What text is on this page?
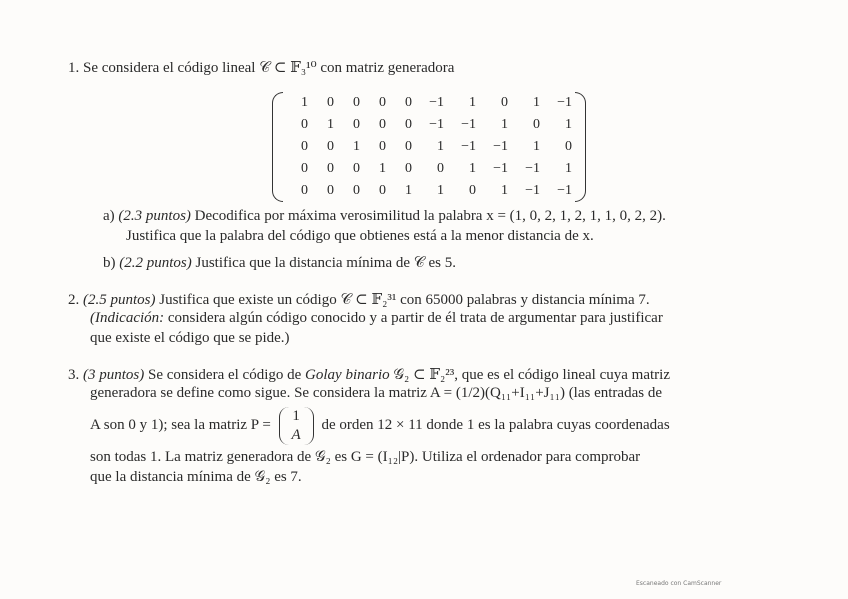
1. Se considera el código lineal 𝒞 ⊂ 𝔽₃¹⁰ con matriz generadora
1	0	0	0	0	−1	1	0	1	−1
0	1	0	0	0	−1	−1	1	0	1
0	0	1	0	0	1	−1	−1	1	0
0	0	0	1	0	0	1	−1	−1	1
0	0	0	0	1	1	0	1	−1	−1
a) (2.3 puntos) Decodifica por máxima verosimilitud la palabra x = (1, 0, 2, 1, 2, 1, 1, 0, 2, 2).
Justifica que la palabra del código que obtienes está a la menor distancia de x.
b) (2.2 puntos) Justifica que la distancia mínima de 𝒞 es 5.
2. (2.5 puntos) Justifica que existe un código 𝒞 ⊂ 𝔽₂³¹ con 65000 palabras y distancia mínima 7.
(Indicación: considera algún código conocido y a partir de él trata de argumentar para justificar
que existe el código que se pide.)
3. (3 puntos) Se considera el código de Golay binario 𝒢₂ ⊂ 𝔽₂²³, que es el código lineal cuya matriz
generadora se define como sigue. Se considera la matriz A = (1/2)(Q₁₁+I₁₁+J₁₁) (las entradas de
A son 0 y 1); sea la matriz P = 1
A de orden 12 × 11 donde 1 es la palabra cuyas coordenadas
son todas 1. La matriz generadora de 𝒢₂ es G = (I₁₂|P). Utiliza el ordenador para comprobar
que la distancia mínima de 𝒢₂ es 7.
Escaneado con CamScanner
